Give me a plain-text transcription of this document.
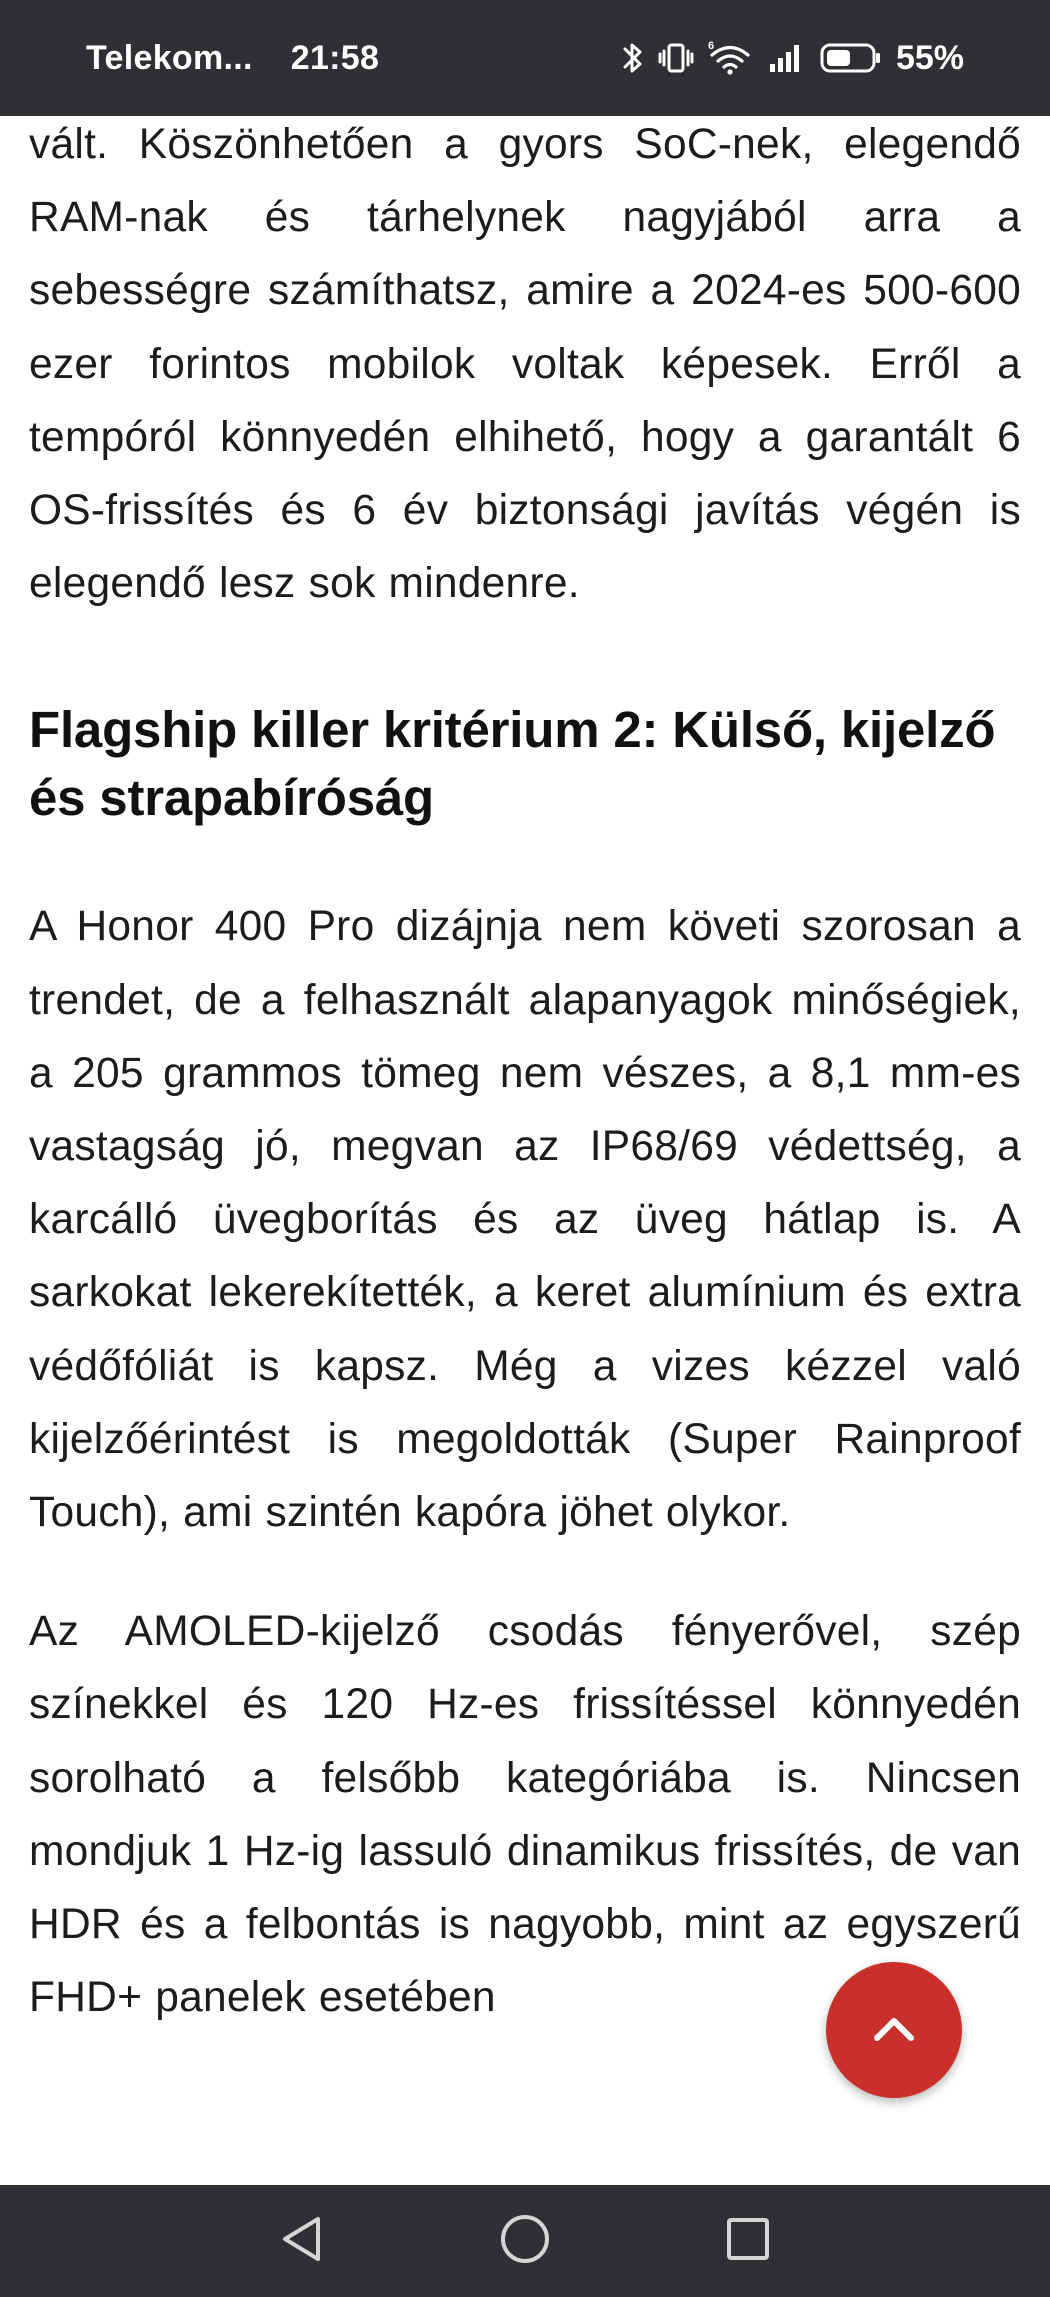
Telekom... 21:58	6	55%

vált. Köszönhetően a gyors SoC-nek, elegendő RAM-nak és tárhelynek nagyjából arra a sebességre számíthatsz, amire a 2024-es 500-600 ezer forintos mobilok voltak képesek. Erről a tempóról könnyedén elhihető, hogy a garantált 6 OS-frissítés és 6 év biztonsági javítás végén is elegendő lesz sok mindenre.

Flagship killer kritérium 2: Külső, kijelző és strapabíróság

A Honor 400 Pro dizájnja nem követi szorosan a trendet, de a felhasznált alapanyagok minőségiek, a 205 grammos tömeg nem vészes, a 8,1 mm-es vastagság jó, megvan az IP68/69 védettség, a karcálló üvegborítás és az üveg hátlap is. A sarkokat lekerekítették, a keret alumínium és extra védőfóliát is kapsz. Még a vizes kézzel való kijelzőérintést is megoldották (Super Rainproof Touch), ami szintén kapóra jöhet olykor.

Az AMOLED-kijelző csodás fényerővel, szép színekkel és 120 Hz-es frissítéssel könnyedén sorolható a felsőbb kategóriába is. Nincsen mondjuk 1 Hz-ig lassuló dinamikus frissítés, de van HDR és a felbontás is nagyobb, mint az egyszerű FHD+ panelek esetében
